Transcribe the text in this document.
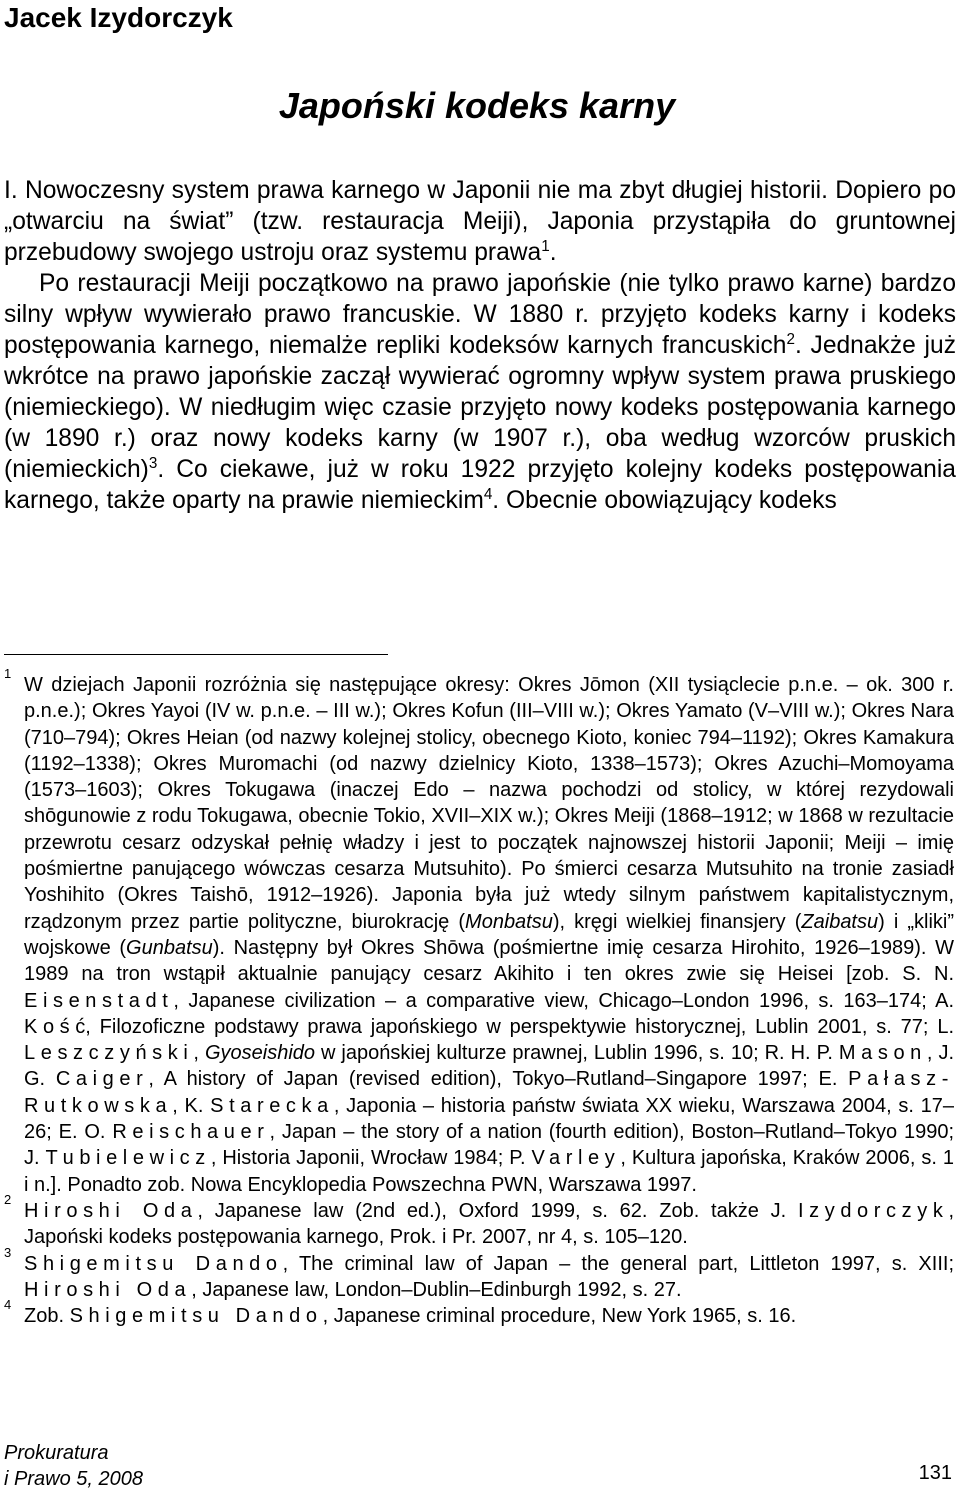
Jacek Izydorczyk
Japoński kodeks karny

I. Nowoczesny system prawa karnego w Japonii nie ma zbyt długiej historii. Dopiero po „otwarciu na świat” (tzw. restauracja Meiji), Japonia przystąpiła do gruntownej przebudowy swojego ustroju oraz systemu prawa$^1$.

Po restauracji Meiji początkowo na prawo japońskie (nie tylko prawo karne) bardzo silny wpływ wywierało prawo francuskie. W 1880 r. przyjęto kodeks karny i kodeks postępowania karnego, niemalże repliki kodeksów karnych francuskich$^2$. Jednakże już wkrótce na prawo japońskie zaczął wywierać ogromny wpływ system prawa pruskiego (niemieckiego). W niedługim więc czasie przyjęto nowy kodeks postępowania karnego (w 1890 r.) oraz nowy kodeks karny (w 1907 r.), oba według wzorców pruskich (niemieckich)$^3$. Co ciekawe, już w roku 1922 przyjęto kolejny kodeks postępowania karnego, także oparty na prawie niemieckim$^4$. Obecnie obowiązujący kodeks

1
W dziejach Japonii rozróżnia się następujące okresy: Okres Jōmon (XII tysiąclecie p.n.e. – ok. 300 r. p.n.e.); Okres Yayoi (IV w. p.n.e. – III w.); Okres Kofun (III–VIII w.); Okres Yamato (V–VIII w.); Okres Nara (710–794); Okres Heian (od nazwy kolejnej stolicy, obecnego Kioto, koniec 794–1192); Okres Kamakura (1192–1338); Okres Muromachi (od nazwy dzielnicy Kioto, 1338–1573); Okres Azuchi–Momoyama (1573–1603); Okres Tokugawa (inaczej Edo – nazwa pochodzi od stolicy, w której rezydowali shōgunowie z rodu Tokugawa, obecnie Tokio, XVII–XIX w.); Okres Meiji (1868–1912; w 1868 w rezultacie przewrotu cesarz odzyskał pełnię władzy i jest to początek najnowszej historii Japonii; Meiji – imię pośmiertne panującego wówczas cesarza Mutsuhito). Po śmierci cesarza Mutsuhito na tronie zasiadł Yoshihito (Okres Taishō, 1912–1926). Japonia była już wtedy silnym państwem kapitalistycznym, rządzonym przez partie polityczne, biurokrację (Monbatsu), kręgi wielkiej finansjery (Zaibatsu) i „kliki” wojskowe (Gunbatsu). Następny był Okres Shōwa (pośmiertne imię cesarza Hirohito, 1926–1989). W 1989 na tron wstąpił aktualnie panujący cesarz Akihito i ten okres zwie się Heisei [zob. S. N. Eisenstadt, Japanese civilization – a comparative view, Chicago–London 1996, s. 163–174; A. Kość, Filozoficzne podstawy prawa japońskiego w perspektywie historycznej, Lublin 2001, s. 77; L. Leszczyński, Gyoseishido w japońskiej kulturze prawnej, Lublin 1996, s. 10; R. H. P. Mason, J. G. Caiger, A history of Japan (revised edition), Tokyo–Rutland–Singapore 1997; E. Pałasz-Rutkowska, K. Starecka, Japonia – historia państw świata XX wieku, Warszawa 2004, s. 17–26; E. O. Reischauer, Japan – the story of a nation (fourth edition), Boston–Rutland–Tokyo 1990; J. Tubielewicz, Historia Japonii, Wrocław 1984; P. Varley, Kultura japońska, Kraków 2006, s. 1 i n.]. Ponadto zob. Nowa Encyklopedia Powszechna PWN, Warszawa 1997.
2
Hiroshi Oda, Japanese law (2nd ed.), Oxford 1999, s. 62. Zob. także J. Izydorczyk, Japoński kodeks postępowania karnego, Prok. i Pr. 2007, nr 4, s. 105–120.
3
Shigemitsu Dando, The criminal law of Japan – the general part, Littleton 1997, s. XIII; Hiroshi Oda, Japanese law, London–Dublin–Edinburgh 1992, s. 27.
4
Zob. Shigemitsu Dando, Japanese criminal procedure, New York 1965, s. 16.
Prokuratura
i Prawo 5, 2008	131
